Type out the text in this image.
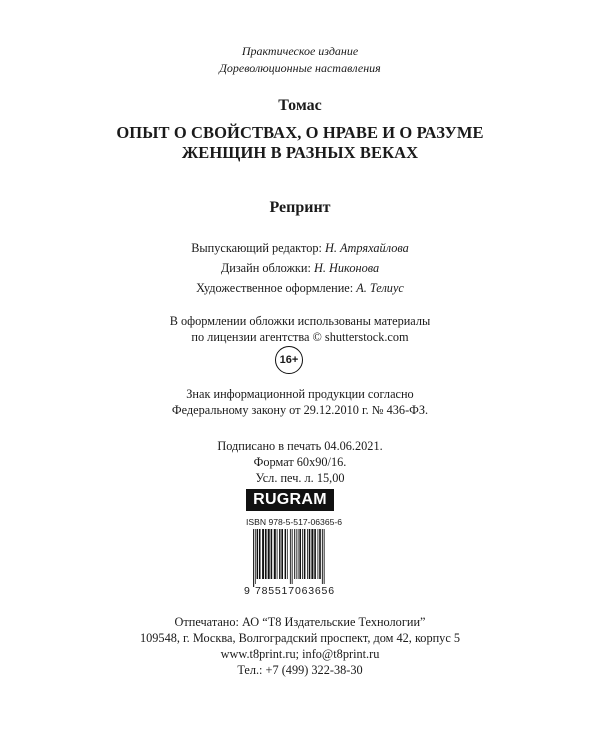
Практическое издание
Дореволюционные наставления
Томас
ОПЫТ О СВОЙСТВАХ, О НРАВЕ И О РАЗУМЕ
ЖЕНЩИН В РАЗНЫХ ВЕКАХ
Репринт
Выпускающий редактор: Н. Атряхайлова
Дизайн обложки: Н. Никонова
Художественное оформление: А. Телиус
В оформлении обложки использованы материалы
по лицензии агентства © shutterstock.com
16+
Знак информационной продукции согласно
Федеральному закону от 29.12.2010 г. № 436-ФЗ.
Подписано в печать 04.06.2021.
Формат 60х90/16.
Усл. печ. л. 15,00
RUGRAM
ISBN 978-5-517-06365-6
9 785517 063656
Отпечатано: АО “Т8 Издательские Технологии”
109548, г. Москва, Волгоградский проспект, дом 42, корпус 5
www.t8print.ru; info@t8print.ru
Тел.: +7 (499) 322-38-30
